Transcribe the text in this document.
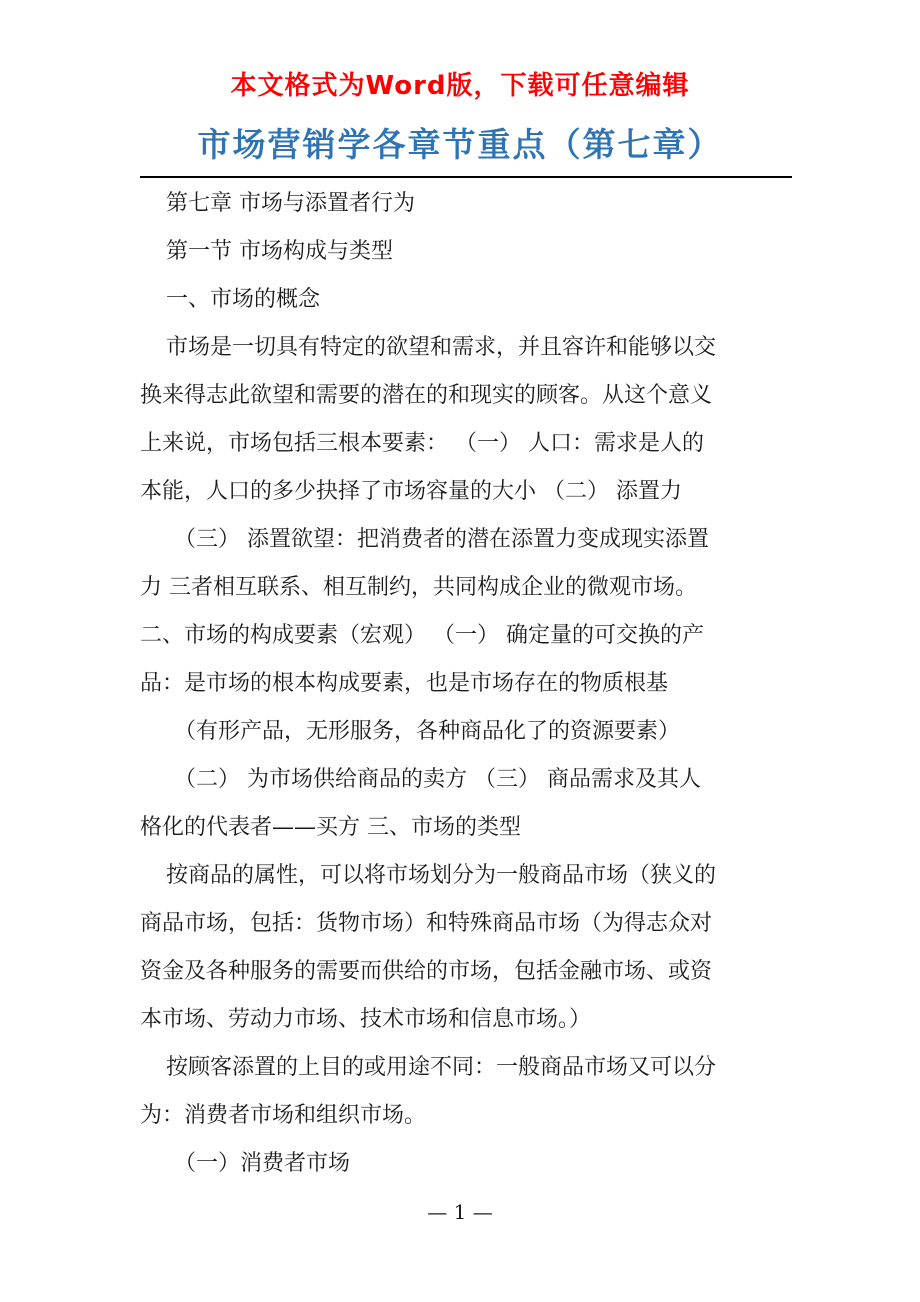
本文格式为Word版，下载可任意编辑
市场营销学各章节重点（第七章）
第七章 市场与添置者行为
第一节 市场构成与类型
一、市场的概念
市场是一切具有特定的欲望和需求，并且容许和能够以交
换来得志此欲望和需要的潜在的和现实的顾客。从这个意义
上来说，市场包括三根本要素： （一） 人口：需求是人的
本能，人口的多少抉择了市场容量的大小 （二） 添置力
（三） 添置欲望：把消费者的潜在添置力变成现实添置
力 三者相互联系、相互制约，共同构成企业的微观市场。
二、市场的构成要素（宏观） （一） 确定量的可交换的产
品：是市场的根本构成要素，也是市场存在的物质根基
（有形产品，无形服务，各种商品化了的资源要素）
（二） 为市场供给商品的卖方 （三） 商品需求及其人
格化的代表者——买方 三、市场的类型
按商品的属性，可以将市场划分为一般商品市场（狭义的
商品市场，包括：货物市场）和特殊商品市场（为得志众对
资金及各种服务的需要而供给的市场，包括金融市场、或资
本市场、劳动力市场、技术市场和信息市场。）
按顾客添置的上目的或用途不同：一般商品市场又可以分
为：消费者市场和组织市场。
（一）消费者市场
— 1 —
